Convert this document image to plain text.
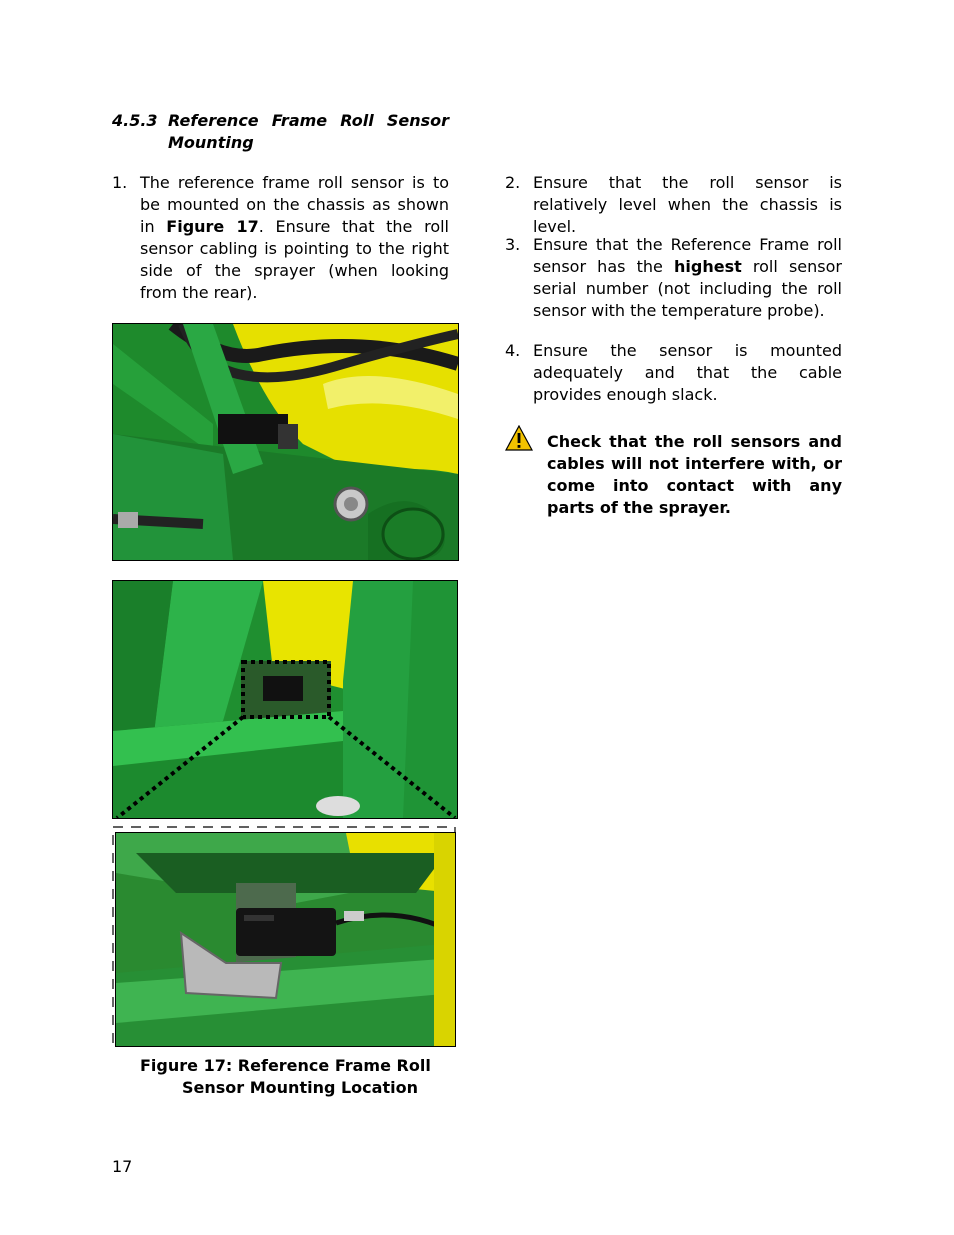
4.5.3 Reference Frame Roll Sensor
Mounting
1. The reference frame roll sensor is to be mounted on the chassis as shown in Figure 17. Ensure that the roll sensor cabling is pointing to the right side of the sprayer (when looking from the rear).
2. Ensure that the roll sensor is relatively level when the chassis is level.
3. Ensure that the Reference Frame roll sensor has the highest roll sensor serial number (not including the roll sensor with the temperature probe).
4. Ensure the sensor is mounted adequately and that the cable provides enough slack.
Check that the roll sensors and cables will not interfere with, or come into contact with any parts of the sprayer.
Figure 17: Reference Frame Roll
Sensor Mounting Location
17
